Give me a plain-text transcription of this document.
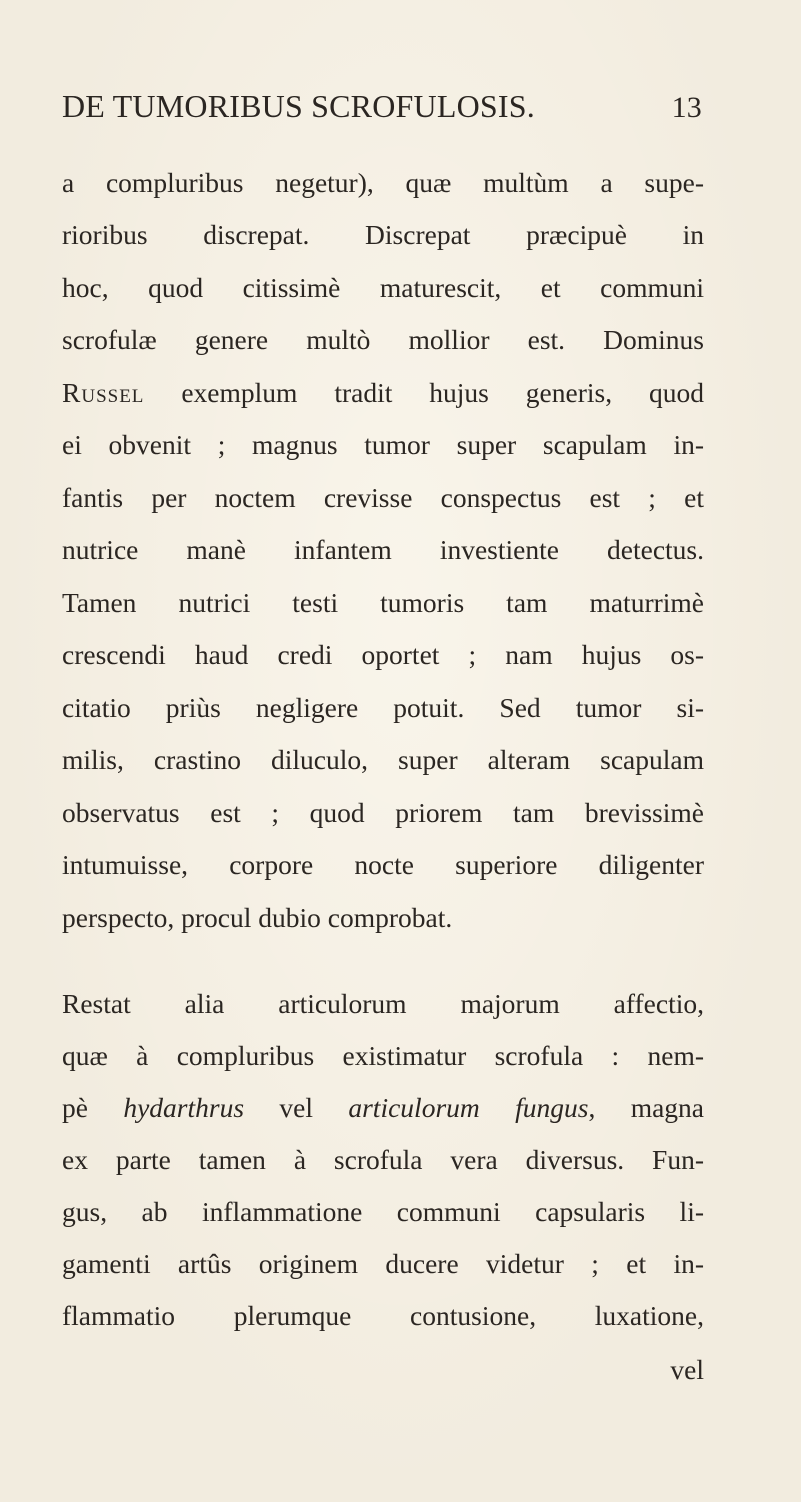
DE TUMORIBUS SCROFULOSIS.	13
a compluribus negetur), quæ multùm a supe-
rioribus discrepat. Discrepat præcipuè in
hoc, quod citissimè maturescit, et communi
scrofulæ genere multò mollior est. Dominus
Russel exemplum tradit hujus generis, quod
ei obvenit ; magnus tumor super scapulam in-
fantis per noctem crevisse conspectus est ; et
nutrice manè infantem investiente detectus.
Tamen nutrici testi tumoris tam maturrimè
crescendi haud credi oportet ; nam hujus os-
citatio priùs negligere potuit. Sed tumor si-
milis, crastino diluculo, super alteram scapulam
observatus est ; quod priorem tam brevissimè
intumuisse, corpore nocte superiore diligenter
perspecto, procul dubio comprobat.
Restat alia articulorum majorum affectio,
quæ à compluribus existimatur scrofula : nem-
pè hydarthrus vel articulorum fungus, magna
ex parte tamen à scrofula vera diversus. Fun-
gus, ab inflammatione communi capsularis li-
gamenti artûs originem ducere videtur ; et in-
flammatio plerumque contusione, luxatione,
vel
